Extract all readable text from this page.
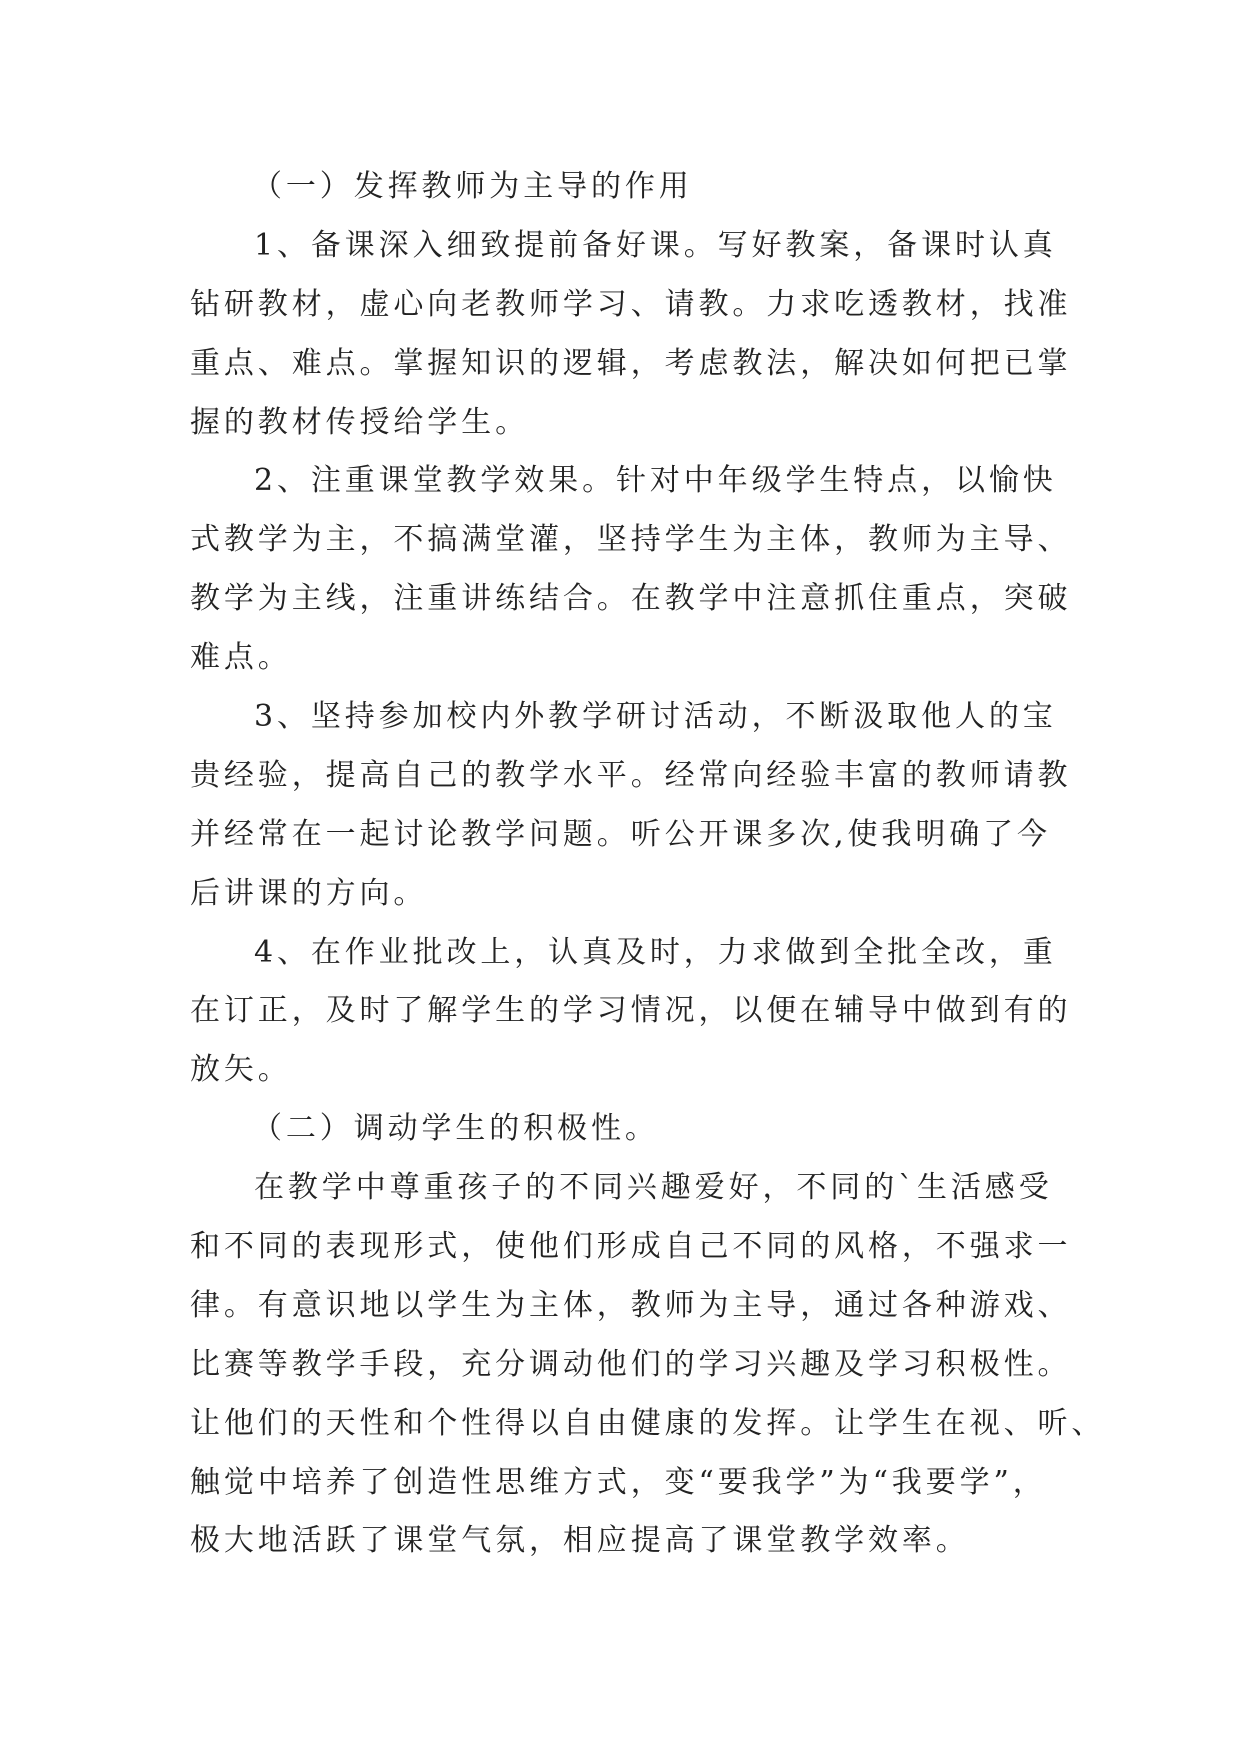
（一）发挥教师为主导的作用
1、备课深入细致提前备好课。写好教案，备课时认真
钻研教材，虚心向老教师学习、请教。力求吃透教材，找准
重点、难点。掌握知识的逻辑，考虑教法，解决如何把已掌
握的教材传授给学生。
2、注重课堂教学效果。针对中年级学生特点，以愉快
式教学为主，不搞满堂灌，坚持学生为主体，教师为主导、
教学为主线，注重讲练结合。在教学中注意抓住重点，突破
难点。
3、坚持参加校内外教学研讨活动，不断汲取他人的宝
贵经验，提高自己的教学水平。经常向经验丰富的教师请教
并经常在一起讨论教学问题。听公开课多次,使我明确了今
后讲课的方向。
4、在作业批改上，认真及时，力求做到全批全改，重
在订正，及时了解学生的学习情况，以便在辅导中做到有的
放矢。
（二）调动学生的积极性。
在教学中尊重孩子的不同兴趣爱好，不同的`生活感受
和不同的表现形式，使他们形成自己不同的风格，不强求一
律。有意识地以学生为主体，教师为主导，通过各种游戏、
比赛等教学手段，充分调动他们的学习兴趣及学习积极性。
让他们的天性和个性得以自由健康的发挥。让学生在视、听、
触觉中培养了创造性思维方式，变“要我学”为“我要学”，
极大地活跃了课堂气氛，相应提高了课堂教学效率。
